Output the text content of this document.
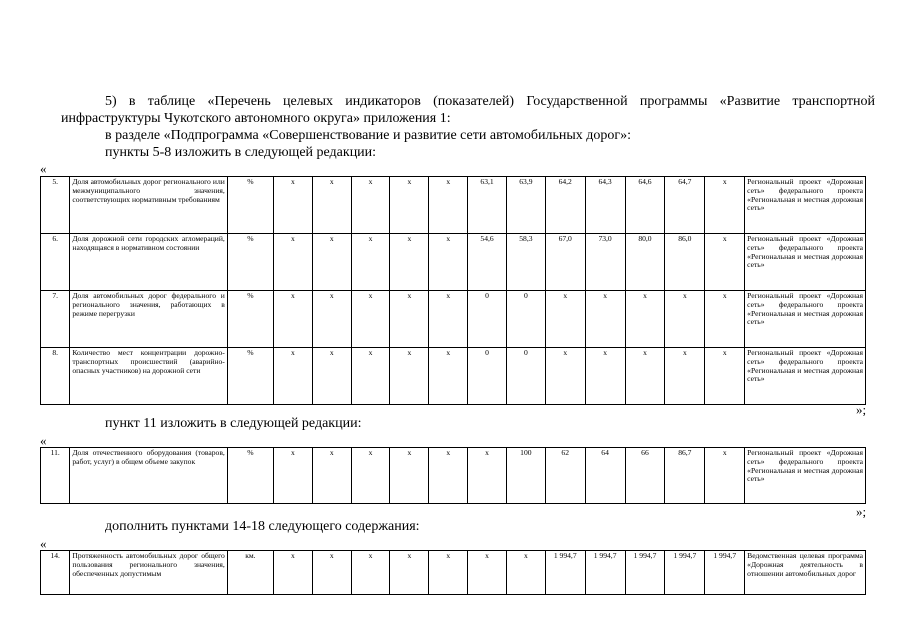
5) в таблице «Перечень целевых индикаторов (показателей) Государственной программы «Развитие транспортной
инфраструктуры Чукотского автономного округа» приложения 1:
в разделе «Подпрограмма «Совершенствование и развитие сети автомобильных дорог»:
пункты 5-8 изложить в следующей редакции:
«
5.	Доля автомобильных дорог регионального или межмуниципального значения, соответствующих нормативным требованиям	%	х	х	х	х	х	63,1	63,9	64,2	64,3	64,6	64,7	х	Региональный проект «Дорожная сеть» федерального проекта «Региональная и местная дорожная сеть»
6.	Доля дорожной сети городских агломераций, находящаяся в нормативном состоянии	%	х	х	х	х	х	54,6	58,3	67,0	73,0	80,0	86,0	х	Региональный проект «Дорожная сеть» федерального проекта «Региональная и местная дорожная сеть»
7.	Доля автомобильных дорог федерального и регионального значения, работающих в режиме перегрузки	%	х	х	х	х	х	0	0	х	х	х	х	х	Региональный проект «Дорожная сеть» федерального проекта «Региональная и местная дорожная сеть»
8.	Количество мест концентрации дорожно-транспортных происшествий (аварийно-опасных участников) на дорожной сети	%	х	х	х	х	х	0	0	х	х	х	х	х	Региональный проект «Дорожная сеть» федерального проекта «Региональная и местная дорожная сеть»
»;
пункт 11 изложить в следующей редакции:
«
11.	Доля отечественного оборудования (товаров, работ, услуг) в общем объеме закупок	%	х	х	х	х	х	х	100	62	64	66	86,7	х	Региональный проект «Дорожная сеть» федерального проекта «Региональная и местная дорожная сеть»
»;
дополнить пунктами 14-18 следующего содержания:
«
14.	Протяженность автомобильных дорог общего пользования регионального значения, обеспеченных допустимым	км.	х	х	х	х	х	х	х	1 994,7	1 994,7	1 994,7	1 994,7	1 994,7	Ведомственная целевая программа «Дорожная деятельность в отношении автомобильных дорог
